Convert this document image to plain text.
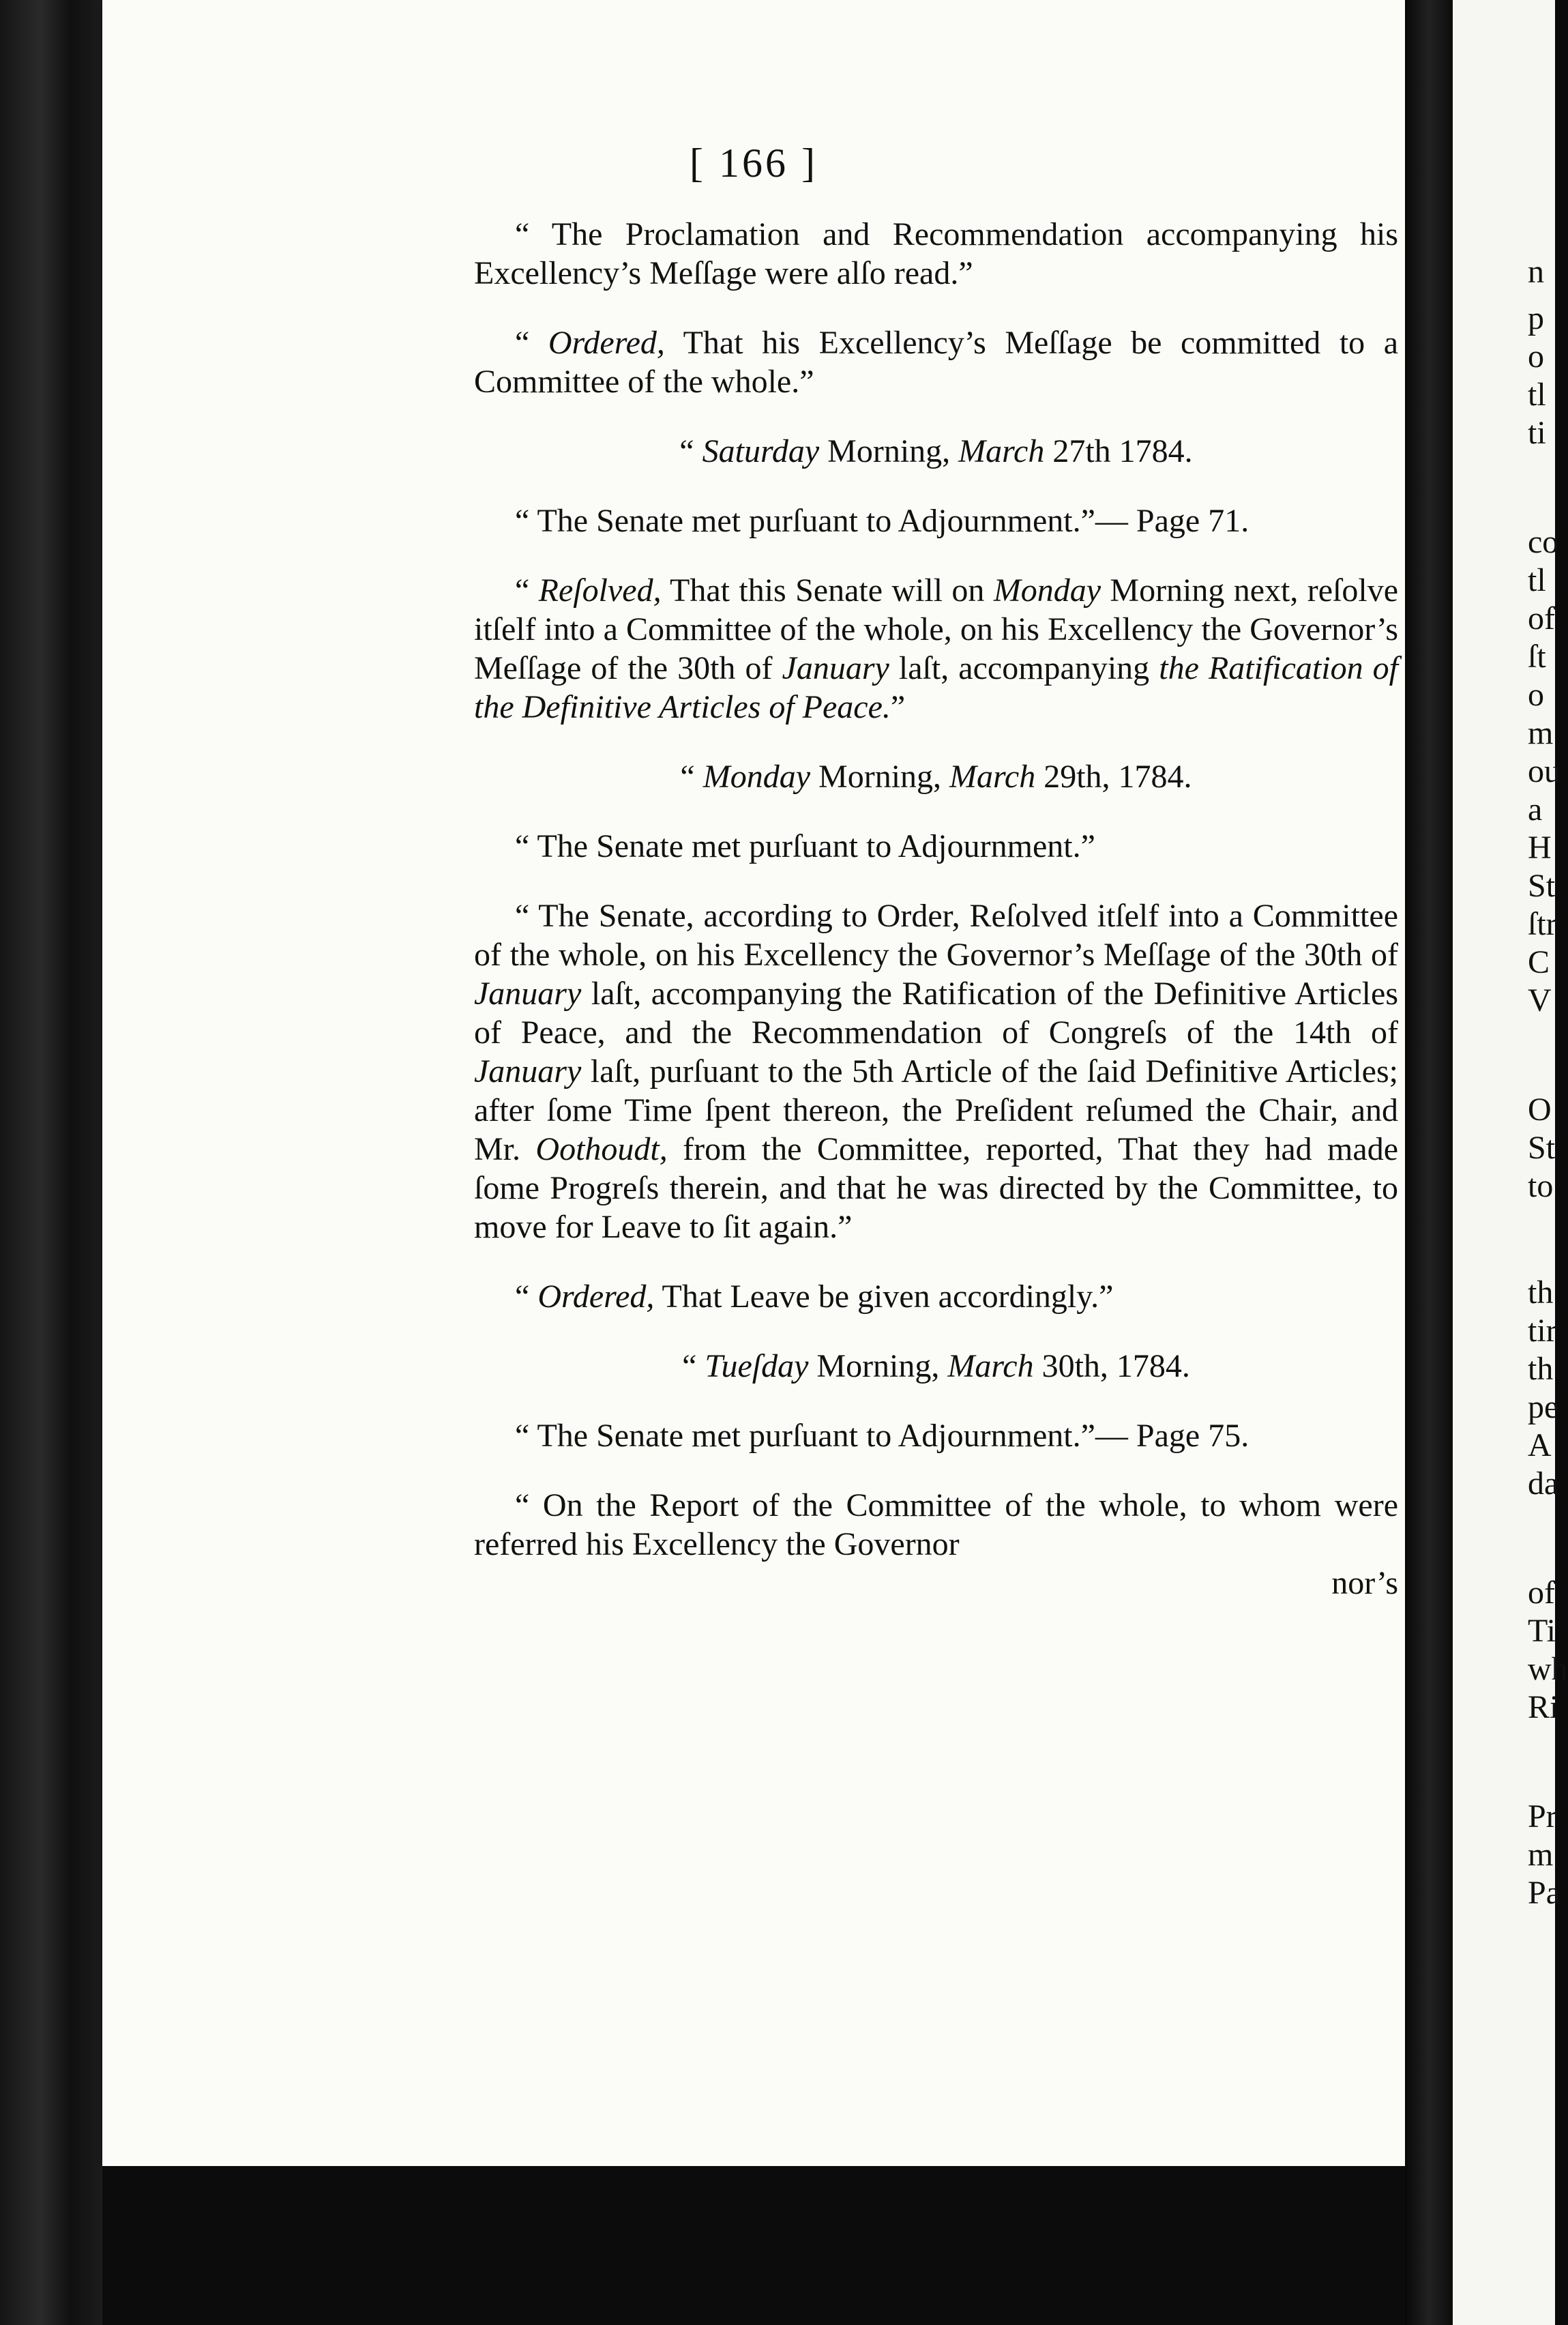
[ 166 ]

“ The Proclamation and Recommendation accompanying his Excellency’s Meſſage were alſo read.”

“ Ordered, That his Excellency’s Meſſage be committed to a Committee of the whole.”

“ Saturday Morning, March 27th 1784.

“ The Senate met purſuant to Adjournment.”— Page 71.

“ Reſolved, That this Senate will on Monday Morning next, reſolve itſelf into a Committee of the whole, on his Excellency the Governor’s Meſſage of the 30th of January laſt, accompanying the Ratification of the Definitive Articles of Peace.”

“ Monday Morning, March 29th, 1784.

“ The Senate met purſuant to Adjournment.”

“ The Senate, according to Order, Reſolved itſelf into a Committee of the whole, on his Excellency the Governor’s Meſſage of the 30th of January laſt, accompanying the Ratification of the Definitive Articles of Peace, and the Recommendation of Congreſs of the 14th of January laſt, purſuant to the 5th Article of the ſaid Definitive Articles; after ſome Time ſpent thereon, the Preſident reſumed the Chair, and Mr. Oothoudt, from the Committee, reported, That they had made ſome Progreſs therein, and that he was directed by the Committee, to move for Leave to ſit again.”

“ Ordered, That Leave be given accordingly.”

“ Tueſday Morning, March 30th, 1784.

“ The Senate met purſuant to Adjournment.”— Page 75.

“ On the Report of the Committee of the whole, to whom were referred his Excellency the Governor

nor’s

n
p
o
tl
ti
co
tl
of
ſt
o
m
ou
a
H
St
ſtr
C
V
O
St
to
th
tir
th
pe
A
da
of
Ti
wh
Ri
Pr
m
Pa
